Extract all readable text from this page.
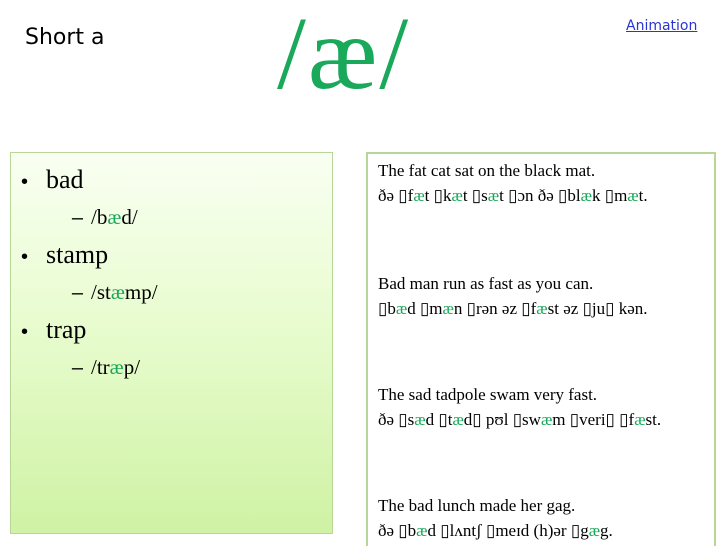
Short a /æ/	Animation
• bad
– /b æ d/
• stamp
– /st æ mp/
• trap
– /tr æ p/
The fat cat sat on the black mat.
ðə ▯fæt ▯kæt ▯sæt ▯ɔn ðə ▯blæk ▯mæt.
Bad man run as fast as you can.
▯bæd ▯mæn ▯rən əz ▯fæst əz ▯ju▯ kən.
The sad tadpole swam very fast.
ðə ▯sæd ▯tæd▯ pʊl ▯swæm ▯veri▯ ▯fæst.
The bad lunch made her gag.
ðə ▯bæd ▯lʌntʃ ▯meɪd (h)ər ▯gæg.
